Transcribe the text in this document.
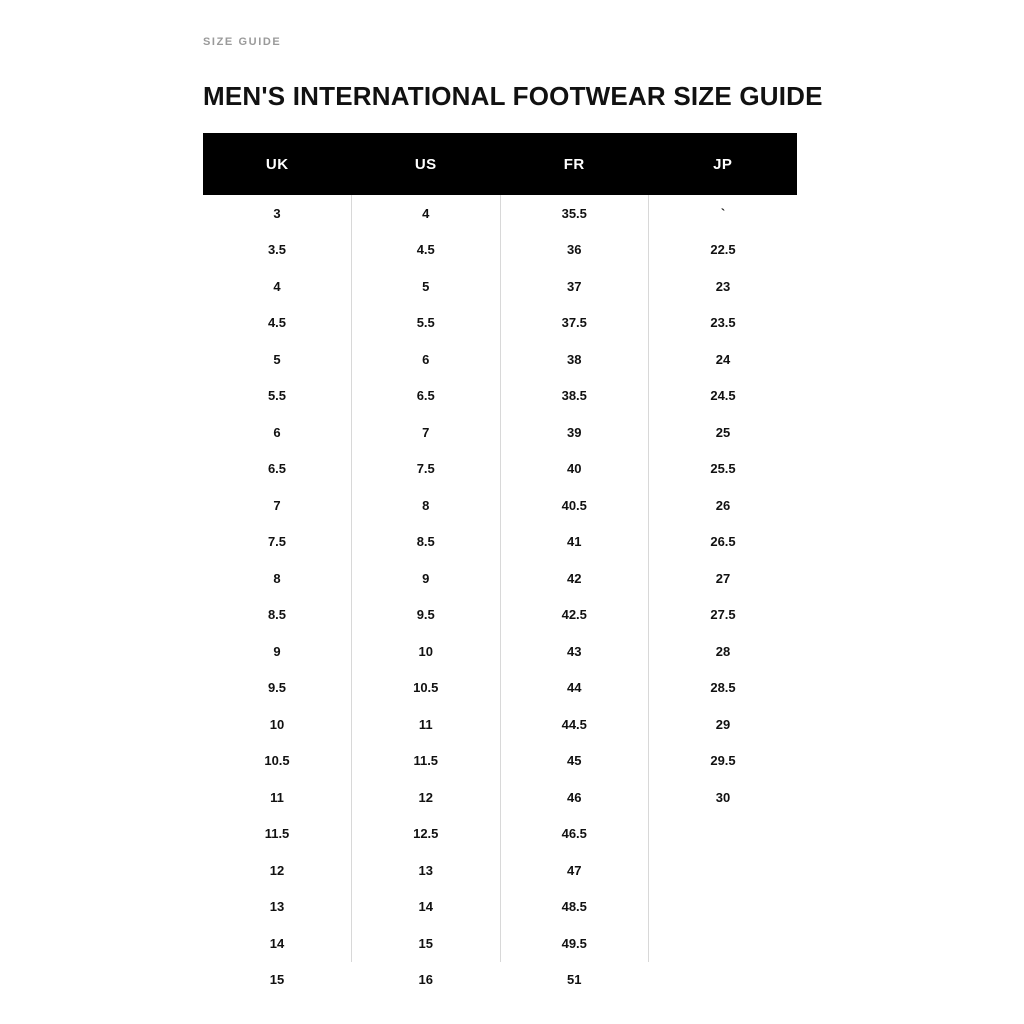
SIZE GUIDE
MEN'S INTERNATIONAL FOOTWEAR SIZE GUIDE
UK	US	FR	JP
3	4	35.5	`
3.5	4.5	36	22.5
4	5	37	23
4.5	5.5	37.5	23.5
5	6	38	24
5.5	6.5	38.5	24.5
6	7	39	25
6.5	7.5	40	25.5
7	8	40.5	26
7.5	8.5	41	26.5
8	9	42	27
8.5	9.5	42.5	27.5
9	10	43	28
9.5	10.5	44	28.5
10	11	44.5	29
10.5	11.5	45	29.5
11	12	46	30
11.5	12.5	46.5	
12	13	47	
13	14	48.5	
14	15	49.5	
15	16	51	
